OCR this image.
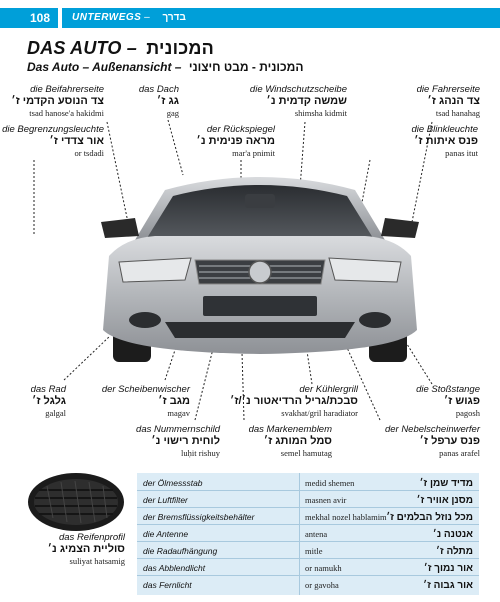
108	UNTERWEGS – בדרך
DAS AUTO – המכונית
Das Auto – Außenansicht – המכונית - מבט חיצוני
die Beifahrerseite
צד הנוסע הקדמי ז׳
tsad hanose'a hakidmi
das Dach
גג ז׳
gag
die Windschutzscheibe
שמשה קדמית נ׳
shimsha kidmit
die Fahrerseite
צד הנהג ז׳
tsad hanahag
die Begrenzungsleuchte
אור צדדי ז׳
or tsdadi
der Rückspiegel
מראה פנימית נ׳
mar'a pnimit
die Blinkleuchte
פנס איתות ז׳
panas itut
das Rad
גלגל ז׳
galgal
der Scheibenwischer
מגב ז׳
magav
der Kühlergrill
סבכת/גריל הרדיאטור נ׳/ז׳
svakhat/gril haradiator
die Stoßstange
פגוש ז׳
pagosh
das Nummernschild
לוחית רישוי נ׳
luḥit rishuy
das Markenemblem
סמל המותג ז׳
semel hamutag
der Nebelscheinwerfer
פנס ערפל ז׳
panas arafel
das Reifenprofil
סוליית הצמיג נ׳
suliyat hatsamig
der Ölmessstab	medid shemen	מדיד שמן ז׳
der Luftfilter	masnen avir	מסנן אוויר ז׳
der Bremsflüssigkeitsbehälter	mekhal nozel hablamim מכל נוזל הבלמים ז׳
die Antenne	antena	אנטנה נ׳
die Radaufhängung	mitle	מתלה ז׳
das Abblendlicht	or namukh	אור נמוך ז׳
das Fernlicht	or gavoha	אור גבוה ז׳
